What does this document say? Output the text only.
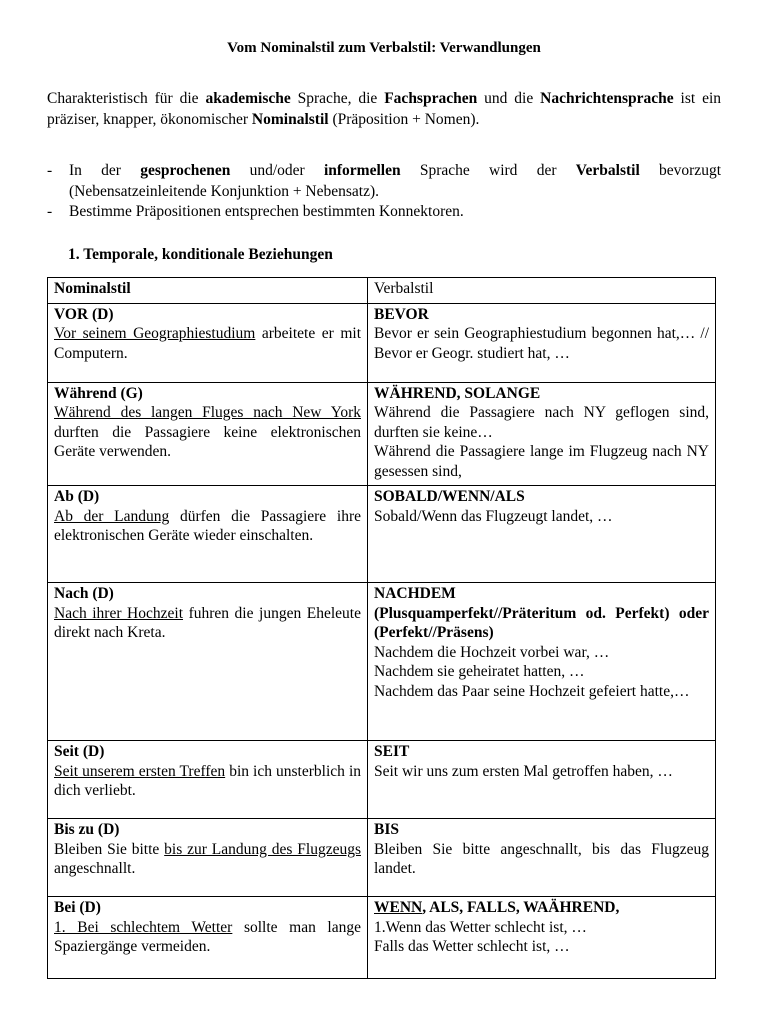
Vom Nominalstil zum Verbalstil: Verwandlungen

Charakteristisch für die akademische Sprache, die Fachsprachen und die Nachrichtensprache ist ein präziser, knapper, ökonomischer Nominalstil (Präposition + Nomen).

- In der gesprochenen und/oder informellen Sprache wird der Verbalstil bevorzugt (Nebensatzeinleitende Konjunktion + Nebensatz).
- Bestimme Präpositionen entsprechen bestimmten Konnektoren.
1. Temporale, konditionale Beziehungen
Nominalstil	Verbalstil

VOR (D)
Vor seinem Geographiestudium arbeitete er mit Computern.	BEVOR
Bevor er sein Geographiestudium begonnen hat,… // Bevor er Geogr. studiert hat, …

Während (G)
Während des langen Fluges nach New York durften die Passagiere keine elektronischen Geräte verwenden.	WÄHREND, SOLANGE
Während die Passagiere nach NY geflogen sind, durften sie keine…
Während die Passagiere lange im Flugzeug nach NY gesessen sind,

Ab (D)
Ab der Landung dürfen die Passagiere ihre elektronischen Geräte wieder einschalten.	SOBALD/WENN/ALS
Sobald/Wenn das Flugzeugt landet, …

Nach (D)
Nach ihrer Hochzeit fuhren die jungen Eheleute direkt nach Kreta.	NACHDEM
(Plusquamperfekt//Präteritum od. Perfekt) oder (Perfekt//Präsens)
Nachdem die Hochzeit vorbei war, …
Nachdem sie geheiratet hatten, …
Nachdem das Paar seine Hochzeit gefeiert hatte,…

Seit (D)
Seit unserem ersten Treffen bin ich unsterblich in dich verliebt.	SEIT
Seit wir uns zum ersten Mal getroffen haben, …

Bis zu (D)
Bleiben Sie bitte bis zur Landung des Flugzeugs angeschnallt.	BIS
Bleiben Sie bitte angeschnallt, bis das Flugzeug landet.

Bei (D)
1. Bei schlechtem Wetter sollte man lange Spaziergänge vermeiden.	WENN, ALS, FALLS, WAÄHREND,
1.Wenn das Wetter schlecht ist, …
Falls das Wetter schlecht ist, …
